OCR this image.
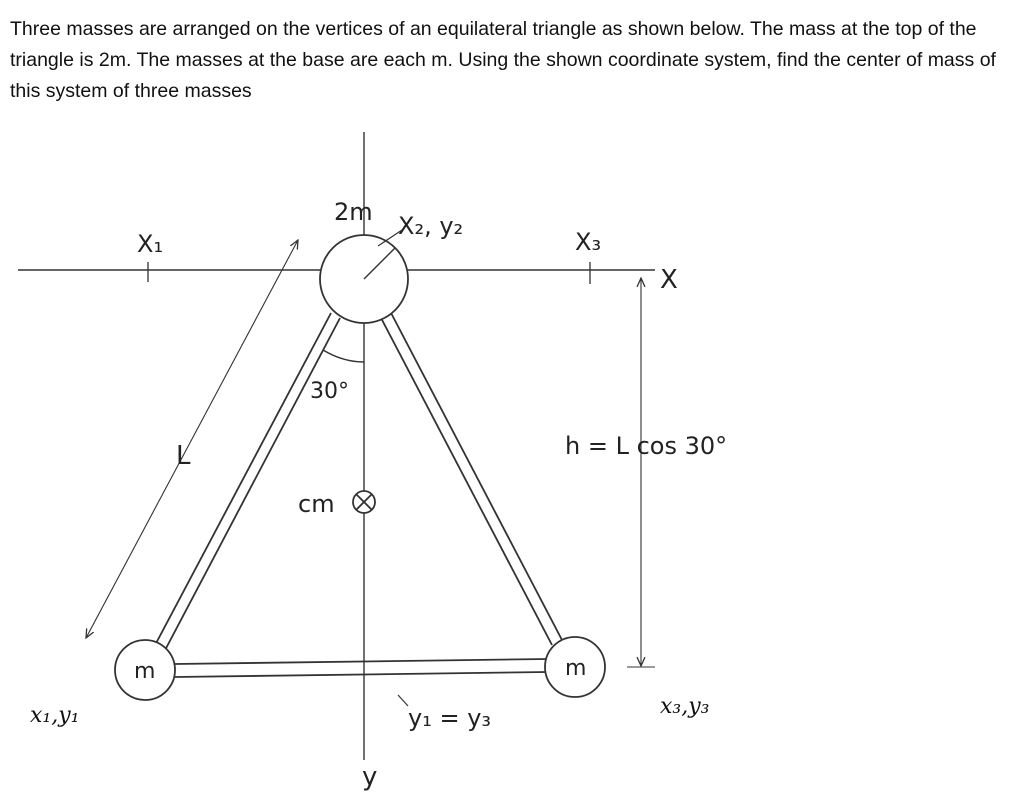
Three masses are arranged on the vertices of an equilateral triangle as shown below. The mass at the top of the triangle is 2m. The masses at the base are each m. Using the shown coordinate system, find the center of mass of this system of three masses

2m
m	m
X₁
X₂, y₂
X₃
X
y
L
30°
h = L cos 30°
cm
y₁ = y₃
x₁,y₁	x₃,y₃
